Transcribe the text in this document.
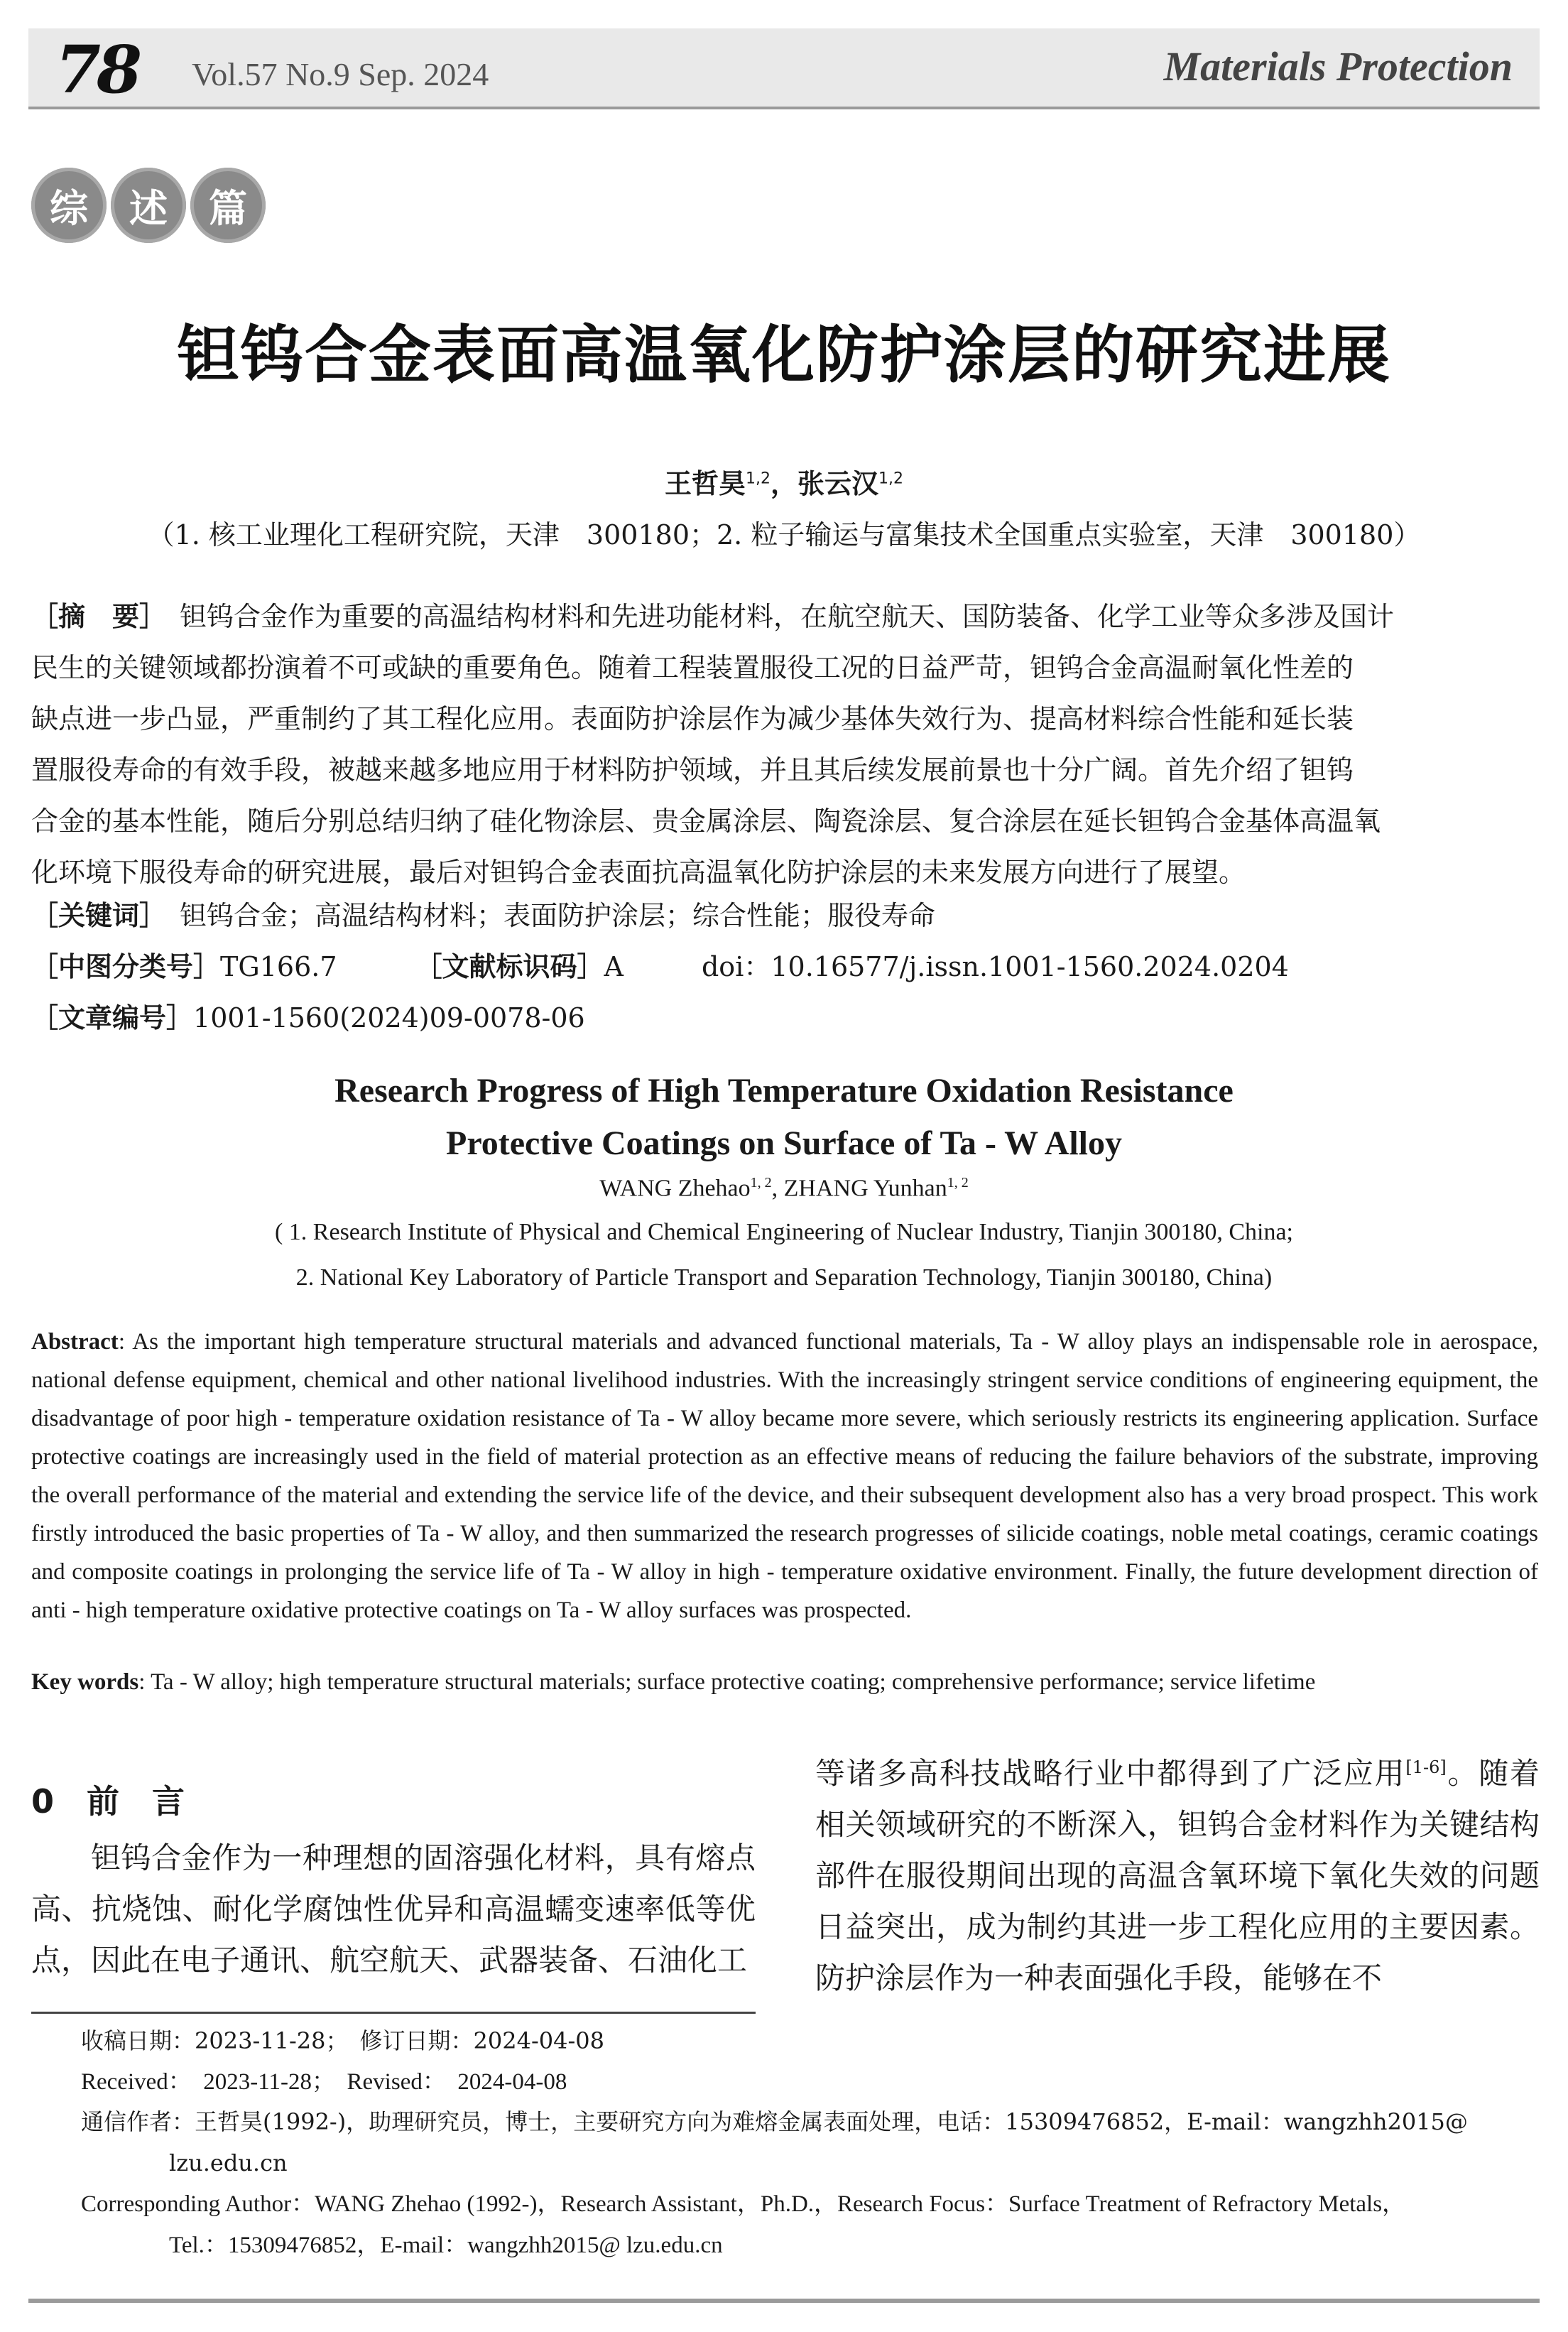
78 Vol.57 No.9 Sep. 2024	Materials Protection
综	述	篇
钽钨合金表面高温氧化防护涂层的研究进展
王哲昊$^{1,2}$，张云汉$^{1,2}$
（1. 核工业理化工程研究院，天津　300180；2. 粒子输运与富集技术全国重点实验室，天津　300180）

［摘　要］　 钽钨合金作为重要的高温结构材料和先进功能材料，在航空航天、国防装备、化学工业等众多涉及国计

民生的关键领域都扮演着不可或缺的重要角色。随着工程装置服役工况的日益严苛，钽钨合金高温耐氧化性差的

缺点进一步凸显，严重制约了其工程化应用。表面防护涂层作为减少基体失效行为、提高材料综合性能和延长装

置服役寿命的有效手段，被越来越多地应用于材料防护领域，并且其后续发展前景也十分广阔。首先介绍了钽钨

合金的基本性能，随后分别总结归纳了硅化物涂层、贵金属涂层、陶瓷涂层、复合涂层在延长钽钨合金基体高温氧

化环境下服役寿命的研究进展，最后对钽钨合金表面抗高温氧化防护涂层的未来发展方向进行了展望。

［关键词］　 钽钨合金；高温结构材料；表面防护涂层；综合性能；服役寿命
［中图分类号］TG166.7	［文献标识码］A	doi：10.16577/j.issn.1001-1560.2024.0204
［文章编号］1001-1560(2024)09-0078-06
Research Progress of High Temperature Oxidation Resistance
Protective Coatings on Surface of Ta - W Alloy
WANG Zhehao$^{1, 2}$, ZHANG Yunhan$^{1, 2}$
( 1. Research Institute of Physical and Chemical Engineering of Nuclear Industry, Tianjin 300180, China;
2. National Key Laboratory of Particle Transport and Separation Technology, Tianjin 300180, China)
Abstract: As the important high temperature structural materials and advanced functional materials, Ta - W alloy plays an indispensable role in aerospace, national defense equipment, chemical and other national livelihood industries. With the increasingly stringent service conditions of engineering equipment, the disadvantage of poor high - temperature oxidation resistance of Ta - W alloy became more severe, which seriously restricts its engineering application. Surface protective coatings are increasingly used in the field of material protection as an effective means of reducing the failure behaviors of the substrate, improving the overall performance of the material and extending the service life of the device, and their subsequent development also has a very broad prospect. This work firstly introduced the basic properties of Ta - W alloy, and then summarized the research progresses of silicide coatings, noble metal coatings, ceramic coatings and composite coatings in prolonging the service life of Ta - W alloy in high - temperature oxidative environment. Finally, the future development direction of anti - high temperature oxidative protective coatings on Ta - W alloy surfaces was prospected.
Key words: Ta - W alloy; high temperature structural materials; surface protective coating; comprehensive performance; service lifetime
0　前　言
钽钨合金作为一种理想的固溶强化材料，具有熔点高、抗烧蚀、耐化学腐蚀性优异和高温蠕变速率低等优点，因此在电子通讯、航空航天、武器装备、石油化工
等诸多高科技战略行业中都得到了广泛应用[1-6]。随着相关领域研究的不断深入，钽钨合金材料作为关键结构部件在服役期间出现的高温含氧环境下氧化失效的问题日益突出，成为制约其进一步工程化应用的主要因素。防护涂层作为一种表面强化手段，能够在不
收稿日期：2023-11-28；　修订日期：2024-04-08
Received：　2023-11-28；　Revised：　2024-04-08
通信作者：王哲昊(1992-)，助理研究员，博士，主要研究方向为难熔金属表面处理，电话：15309476852，E-mail：wangzhh2015@
lzu.edu.cn
Corresponding Author：WANG Zhehao (1992-)，Research Assistant，Ph.D.，Research Focus：Surface Treatment of Refractory Metals，
Tel.：15309476852，E-mail：wangzhh2015@ lzu.edu.cn
